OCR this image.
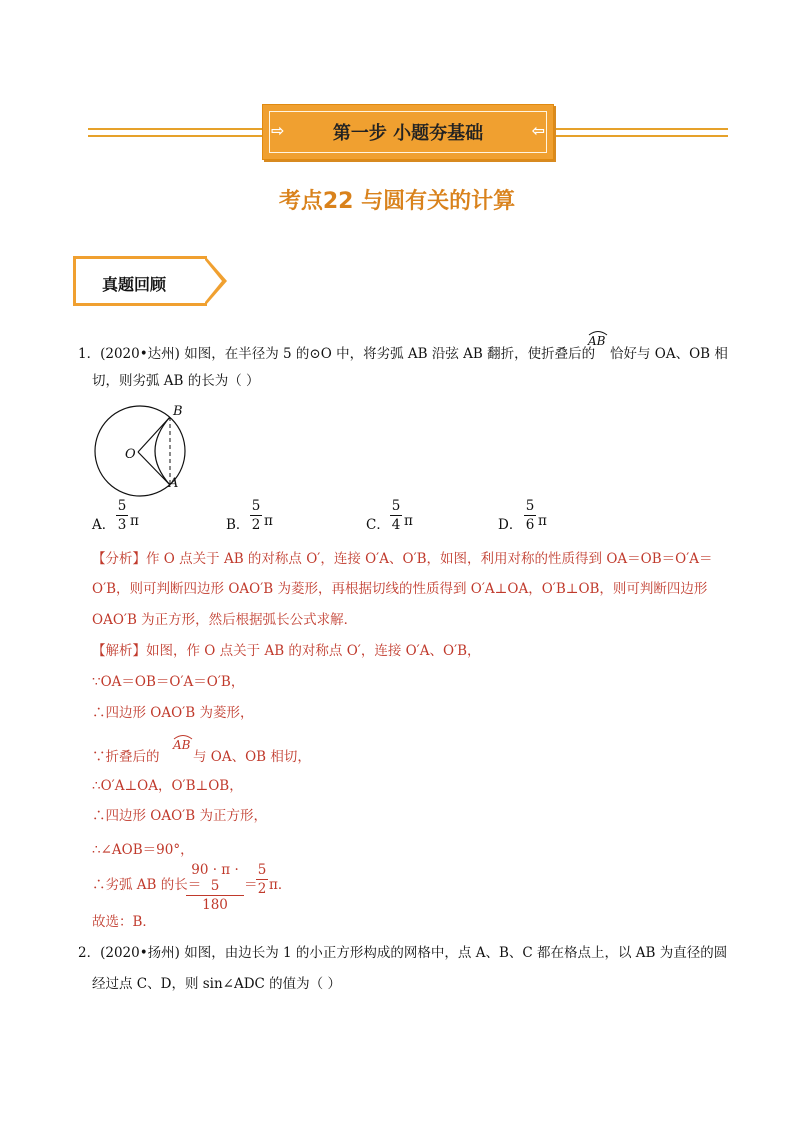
⇨	第一步 小题夯基础	⇦
考点22 与圆有关的计算
真题回顾
1．(2020•达州) 如图，在半径为 5 的⊙O 中，将劣弧 AB 沿弦 AB 翻折，使折叠后的
AB
恰好与 OA、OB 相
切，则劣弧 AB 的长为（ ）
O
B
A
A．
5
3 π	B．
5
2 π	C．
5
4 π	D．
5
6 π
【分析】作 O 点关于 AB 的对称点 O′，连接 O′A、O′B，如图，利用对称的性质得到 OA＝OB＝O′A＝
O′B，则可判断四边形 OAO′B 为菱形，再根据切线的性质得到 O′A⊥OA，O′B⊥OB，则可判断四边形
OAO′B 为正方形，然后根据弧长公式求解．
【解析】如图，作 O 点关于 AB 的对称点 O′，连接 O′A、O′B，
∵OA＝OB＝O′A＝O′B，
∴四边形 OAO′B 为菱形，
∵折叠后的
AB
与 OA、OB 相切，
∴O′A⊥OA，O′B⊥OB，
∴四边形 OAO′B 为正方形，
∴∠AOB＝90°，
∴劣弧 AB 的长＝
90 · π · 5
180
＝
5
2 π．
故选：B．
2．(2020•扬州) 如图，由边长为 1 的小正方形构成的网格中，点 A、B、C 都在格点上，以 AB 为直径的圆
经过点 C、D，则 sin∠ADC 的值为（ ）
